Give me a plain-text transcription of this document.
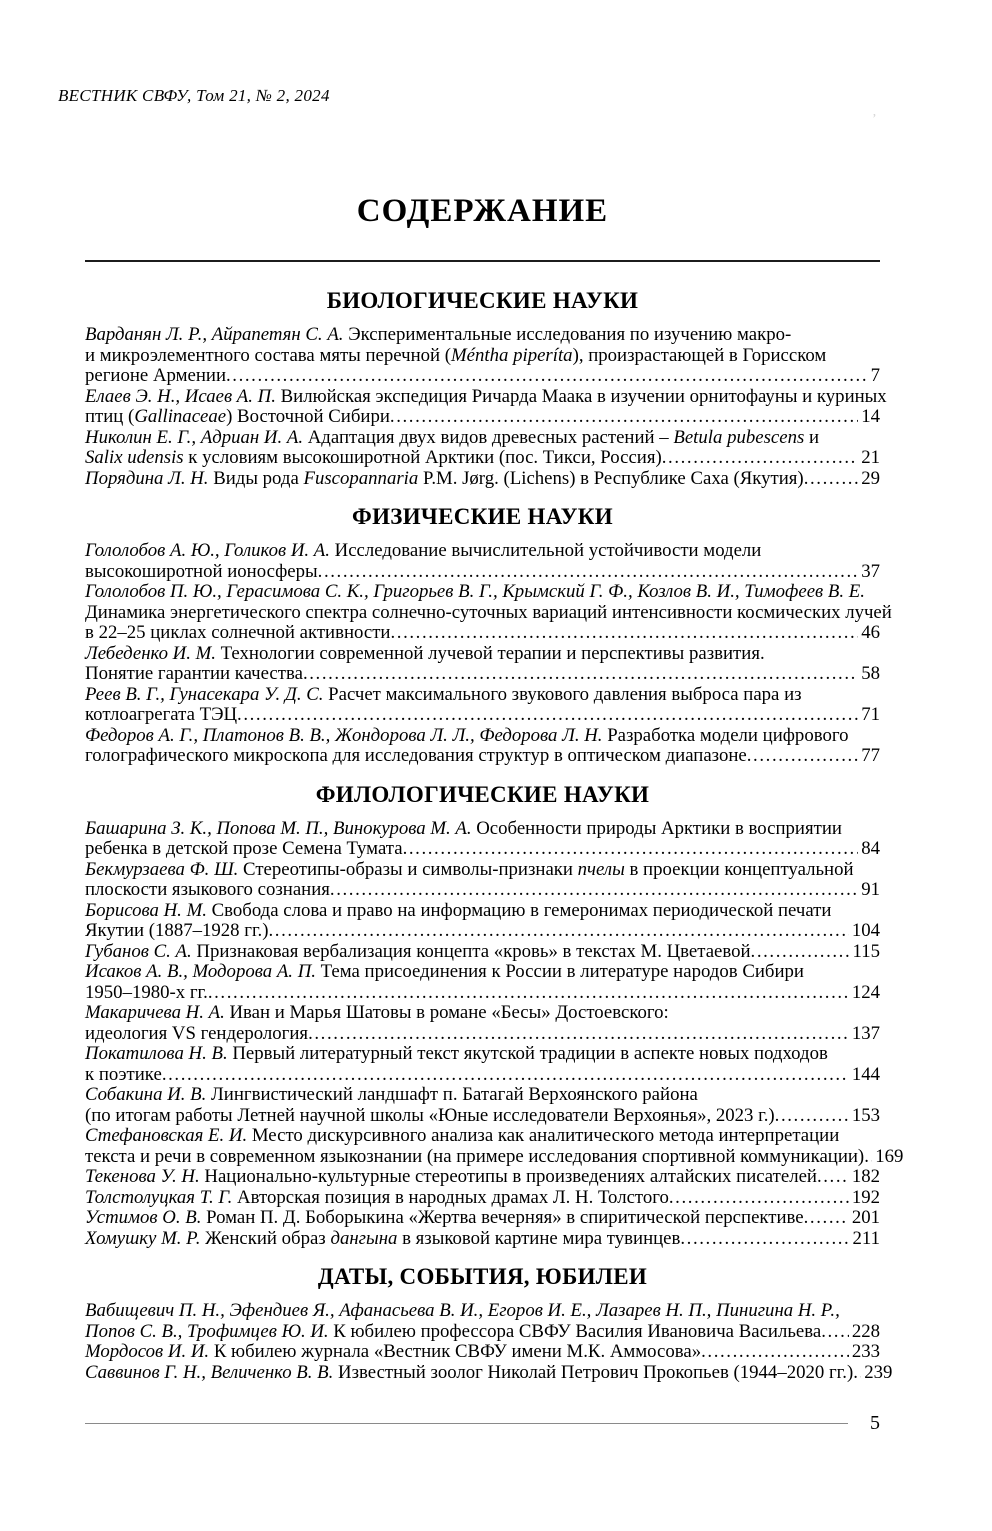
ВЕСТНИК СВФУ, Том 21, № 2, 2024
’
СОДЕРЖАНИЕ
БИОЛОГИЧЕСКИЕ НАУКИ
Варданян Л. Р., Айрапетян С. А. Экспериментальные исследования по изучению макро-
и микроэлементного состава мяты перечной (Méntha piperíta), произрастающей в Горисском
регионе Армении .....	7
Елаев Э. Н., Исаев А. П. Вилюйская экспедиция Ричарда Маака в изучении орнитофауны и куриных
птиц (Gallinaceae) Восточной Сибири .....	14
Николин Е. Г., Адриан И. А. Адаптация двух видов древесных растений – Betula pubescens и
Salix udensis к условиям высокоширотной Арктики (пос. Тикси, Россия) .....	21
Порядина Л. Н. Виды рода Fuscopannaria P.M. Jørg. (Lichens) в Республике Саха (Якутия) .....	29
ФИЗИЧЕСКИЕ НАУКИ
Гололобов А. Ю., Голиков И. А. Исследование вычислительной устойчивости модели
высокоширотной ионосферы .....	37
Гололобов П. Ю., Герасимова С. К., Григорьев В. Г., Крымский Г. Ф., Козлов В. И., Тимофеев В. Е.
Динамика энергетического спектра солнечно-суточных вариаций интенсивности космических лучей
в 22–25 циклах солнечной активности .....	46
Лебеденко И. М. Технологии современной лучевой терапии и перспективы развития.
Понятие гарантии качества .....	58
Реев В. Г., Гунасекара У. Д. С. Расчет максимального звукового давления выброса пара из
котлоагрегата ТЭЦ .....	71
Федоров А. Г., Платонов В. В., Жондорова Л. Л., Федорова Л. Н. Разработка модели цифрового
голографического микроскопа для исследования структур в оптическом диапазоне .....	77
ФИЛОЛОГИЧЕСКИЕ НАУКИ
Башарина З. К., Попова М. П., Винокурова М. А. Особенности природы Арктики в восприятии
ребенка в детской прозе Семена Тумата .....	84
Бекмурзаева Ф. Ш. Стереотипы-образы и символы-признаки пчелы в проекции концептуальной
плоскости языкового сознания .....	91
Борисова Н. М. Свобода слова и право на информацию в гемеронимах периодической печати
Якутии (1887–1928 гг.) .....	104
Губанов С. А. Признаковая вербализация концепта «кровь» в текстах М. Цветаевой .....	115
Исаков А. В., Модорова А. П. Тема присоединения к России в литературе народов Сибири
1950–1980-х гг. .....	124
Макаричева Н. А. Иван и Марья Шатовы в романе «Бесы» Достоевского:
идеология VS гендерология .....	137
Покатилова Н. В. Первый литературный текст якутской традиции в аспекте новых подходов
к поэтике .....	144
Собакина И. В. Лингвистический ландшафт п. Батагай Верхоянского района
(по итогам работы Летней научной школы «Юные исследователи Верхоянья», 2023 г.) .....	153
Стефановская Е. И. Место дискурсивного анализа как аналитического метода интерпретации
текста и речи в современном языкознании (на примере исследования спортивной коммуникации) ..... 169
Текенова У. Н. Национально-культурные стереотипы в произведениях алтайских писателей ..... 182
Толстолуцкая Т. Г. Авторская позиция в народных драмах Л. Н. Толстого .....	192
Устимов О. В. Роман П. Д. Боборыкина «Жертва вечерняя» в спиритической перспективе .....	201
Хомушку М. Р. Женский образ дангына в языковой картине мира тувинцев .....	211
ДАТЫ, СОБЫТИЯ, ЮБИЛЕИ
Вабищевич П. Н., Эфендиев Я., Афанасьева В. И., Егоров И. Е., Лазарев Н. П., Пинигина Н. Р.,
Попов С. В., Трофимцев Ю. И. К юбилею профессора СВФУ Василия Ивановича Васильева ..... 228
Мордосов И. И. К юбилею журнала «Вестник СВФУ имени М.К. Аммосова» .....	233
Саввинов Г. Н., Величенко В. В. Известный зоолог Николай Петрович Прокопьев (1944–2020 гг.) ..... 239
5
